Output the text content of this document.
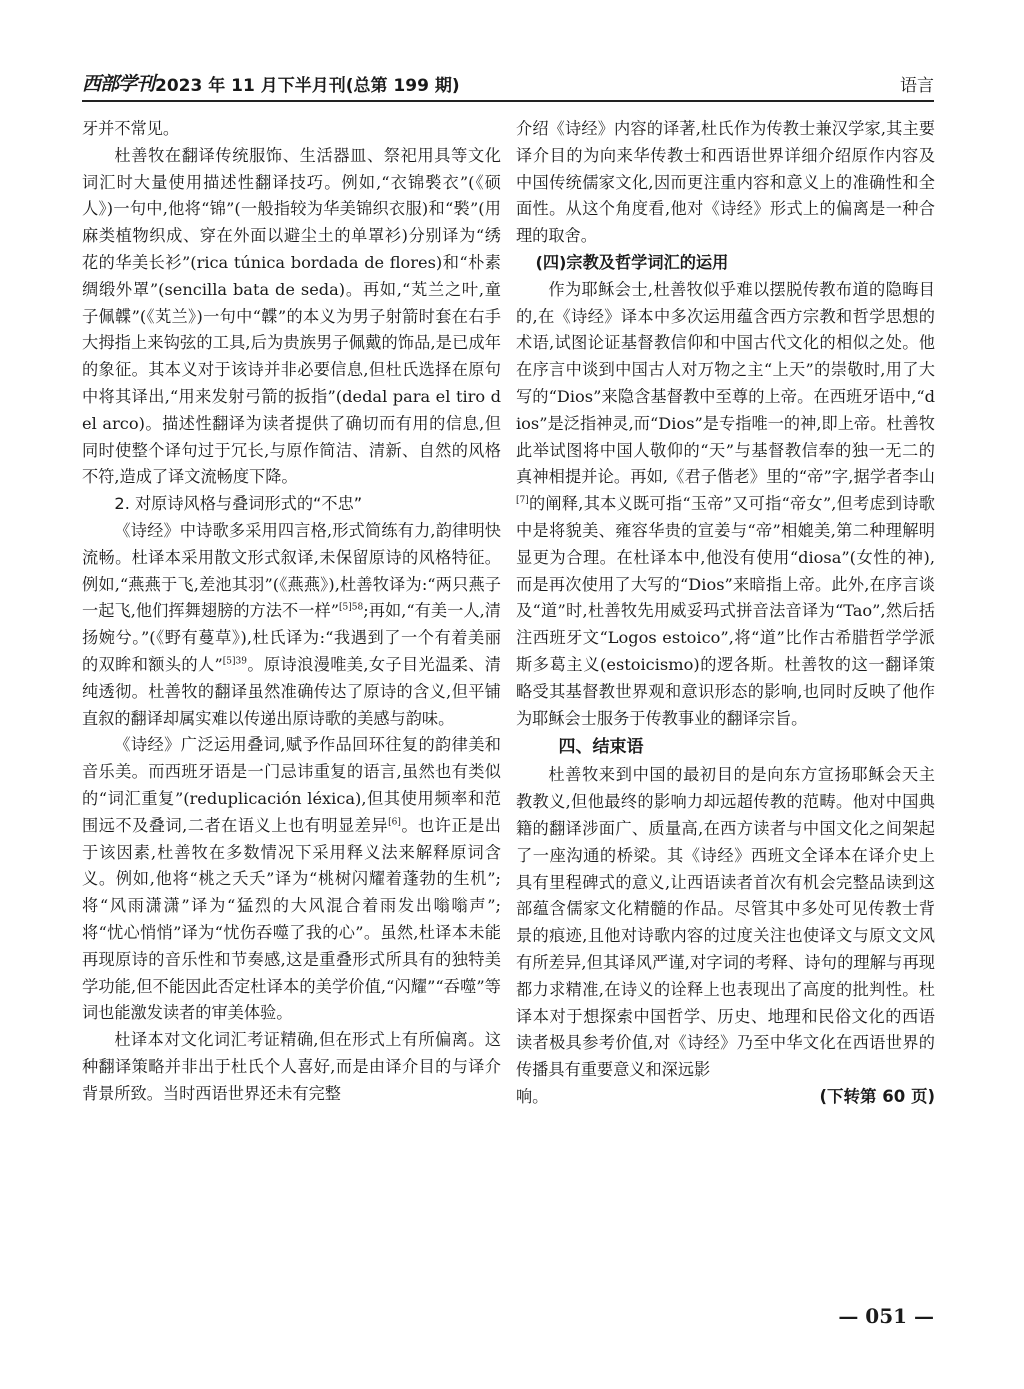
西部学刊 2023 年 11 月下半月刊(总第 199 期)	语言

牙并不常见。

杜善牧在翻译传统服饰、生活器皿、祭祀用具等文化词汇时大量使用描述性翻译技巧。例如,“衣锦褧衣”(《硕人》)一句中,他将“锦”(一般指较为华美锦织衣服)和“褧”(用麻类植物织成、穿在外面以避尘土的单罩衫)分别译为“绣花的华美长衫”(rica túnica bordada de flores)和“朴素绸缎外罩”(sencilla bata de seda)。再如,“芄兰之叶,童子佩韘”(《芄兰》)一句中“韘”的本义为男子射箭时套在右手大拇指上来钩弦的工具,后为贵族男子佩戴的饰品,是已成年的象征。其本义对于该诗并非必要信息,但杜氏选择在原句中将其译出,“用来发射弓箭的扳指”(dedal para el tiro del arco)。描述性翻译为读者提供了确切而有用的信息,但同时使整个译句过于冗长,与原作简洁、清新、自然的风格不符,造成了译文流畅度下降。

2. 对原诗风格与叠词形式的“不忠”

《诗经》中诗歌多采用四言格,形式简练有力,韵律明快流畅。杜译本采用散文形式叙译,未保留原诗的风格特征。例如,“燕燕于飞,差池其羽”(《燕燕》),杜善牧译为:“两只燕子一起飞,他们挥舞翅膀的方法不一样”$^{[5]58}$;再如,“有美一人,清扬婉兮。”(《野有蔓草》),杜氏译为:“我遇到了一个有着美丽的双眸和额头的人”$^{[5]39}$。原诗浪漫唯美,女子目光温柔、清纯透彻。杜善牧的翻译虽然准确传达了原诗的含义,但平铺直叙的翻译却属实难以传递出原诗歌的美感与韵味。

《诗经》广泛运用叠词,赋予作品回环往复的韵律美和音乐美。而西班牙语是一门忌讳重复的语言,虽然也有类似的“词汇重复”(reduplicación léxica),但其使用频率和范围远不及叠词,二者在语义上也有明显差异[6]。也许正是出于该因素,杜善牧在多数情况下采用释义法来解释原词含义。例如,他将“桃之夭夭”译为“桃树闪耀着蓬勃的生机”;将“风雨潇潇”译为“猛烈的大风混合着雨发出嗡嗡声”;将“忧心悄悄”译为“忧伤吞噬了我的心”。虽然,杜译本未能再现原诗的音乐性和节奏感,这是重叠形式所具有的独特美学功能,但不能因此否定杜译本的美学价值,“闪耀”“吞噬”等词也能激发读者的审美体验。

杜译本对文化词汇考证精确,但在形式上有所偏离。这种翻译策略并非出于杜氏个人喜好,而是由译介目的与译介背景所致。当时西语世界还未有完整

介绍《诗经》内容的译著,杜氏作为传教士兼汉学家,其主要译介目的为向来华传教士和西语世界详细介绍原作内容及中国传统儒家文化,因而更注重内容和意义上的准确性和全面性。从这个角度看,他对《诗经》形式上的偏离是一种合理的取舍。

(四)宗教及哲学词汇的运用

作为耶稣会士,杜善牧似乎难以摆脱传教布道的隐晦目的,在《诗经》译本中多次运用蕴含西方宗教和哲学思想的术语,试图论证基督教信仰和中国古代文化的相似之处。他在序言中谈到中国古人对万物之主“上天”的崇敬时,用了大写的“Dios”来隐含基督教中至尊的上帝。在西班牙语中,“dios”是泛指神灵,而“Dios”是专指唯一的神,即上帝。杜善牧此举试图将中国人敬仰的“天”与基督教信奉的独一无二的真神相提并论。再如,《君子偕老》里的“帝”字,据学者李山[7]的阐释,其本义既可指“玉帝”又可指“帝女”,但考虑到诗歌中是将貌美、雍容华贵的宣姜与“帝”相媲美,第二种理解明显更为合理。在杜译本中,他没有使用“diosa”(女性的神),而是再次使用了大写的“Dios”来暗指上帝。此外,在序言谈及“道”时,杜善牧先用威妥玛式拼音法音译为“Tao”,然后括注西班牙文“Logos estoico”,将“道”比作古希腊哲学学派斯多葛主义(estoicismo)的逻各斯。杜善牧的这一翻译策略受其基督教世界观和意识形态的影响,也同时反映了他作为耶稣会士服务于传教事业的翻译宗旨。

四、结束语

杜善牧来到中国的最初目的是向东方宣扬耶稣会天主教教义,但他最终的影响力却远超传教的范畴。他对中国典籍的翻译涉面广、质量高,在西方读者与中国文化之间架起了一座沟通的桥梁。其《诗经》西班文全译本在译介史上具有里程碑式的意义,让西语读者首次有机会完整品读到这部蕴含儒家文化精髓的作品。尽管其中多处可见传教士背景的痕迹,且他对诗歌内容的过度关注也使译文与原文文风有所差异,但其译风严谨,对字词的考释、诗句的理解与再现都力求精准,在诗义的诠释上也表现出了高度的批判性。杜译本对于想探索中国哲学、历史、地理和民俗文化的西语读者极具参考价值,对《诗经》乃至中华文化在西语世界的传播具有重要意义和深远影

响。	(下转第 60 页)
— 051 —
